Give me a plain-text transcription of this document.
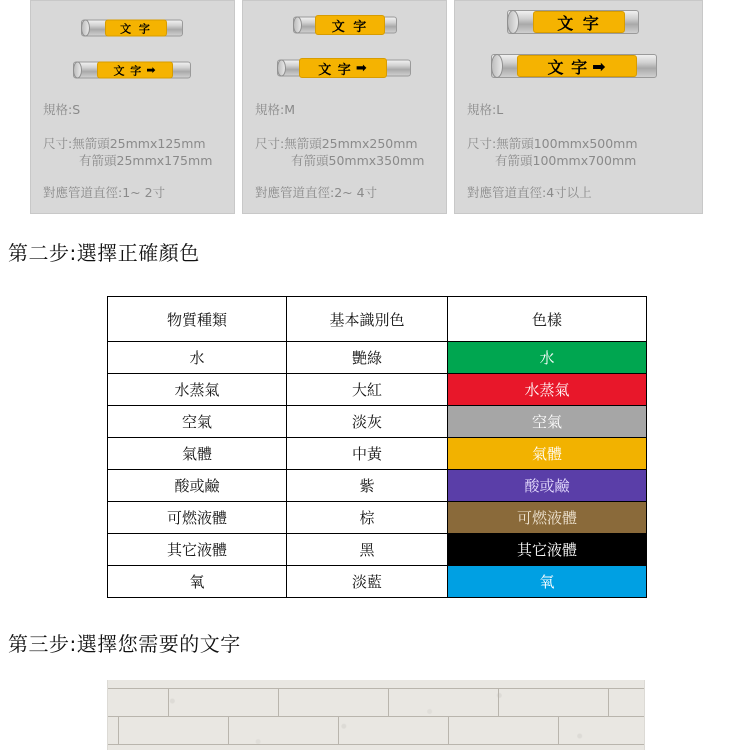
文 字
文 字 ➡
規格:S
尺寸:無箭頭25mmx125mm
有箭頭25mmx175mm
對應管道直徑:1~ 2寸
文 字
文 字 ➡
規格:M
尺寸:無箭頭25mmx250mm
有箭頭50mmx350mm
對應管道直徑:2~ 4寸
文 字
文 字 ➡
規格:L
尺寸:無箭頭100mmx500mm
有箭頭100mmx700mm
對應管道直徑:4寸以上
第二步:選擇正確顏色
物質種類	基本識別色	色樣
水	艷綠	水
水蒸氣	大紅	水蒸氣
空氣	淡灰	空氣
氣體	中黃	氣體
酸或鹼	紫	酸或鹼
可燃液體	棕	可燃液體
其它液體	黑	其它液體
氧	淡藍	氧
第三步:選擇您需要的文字
